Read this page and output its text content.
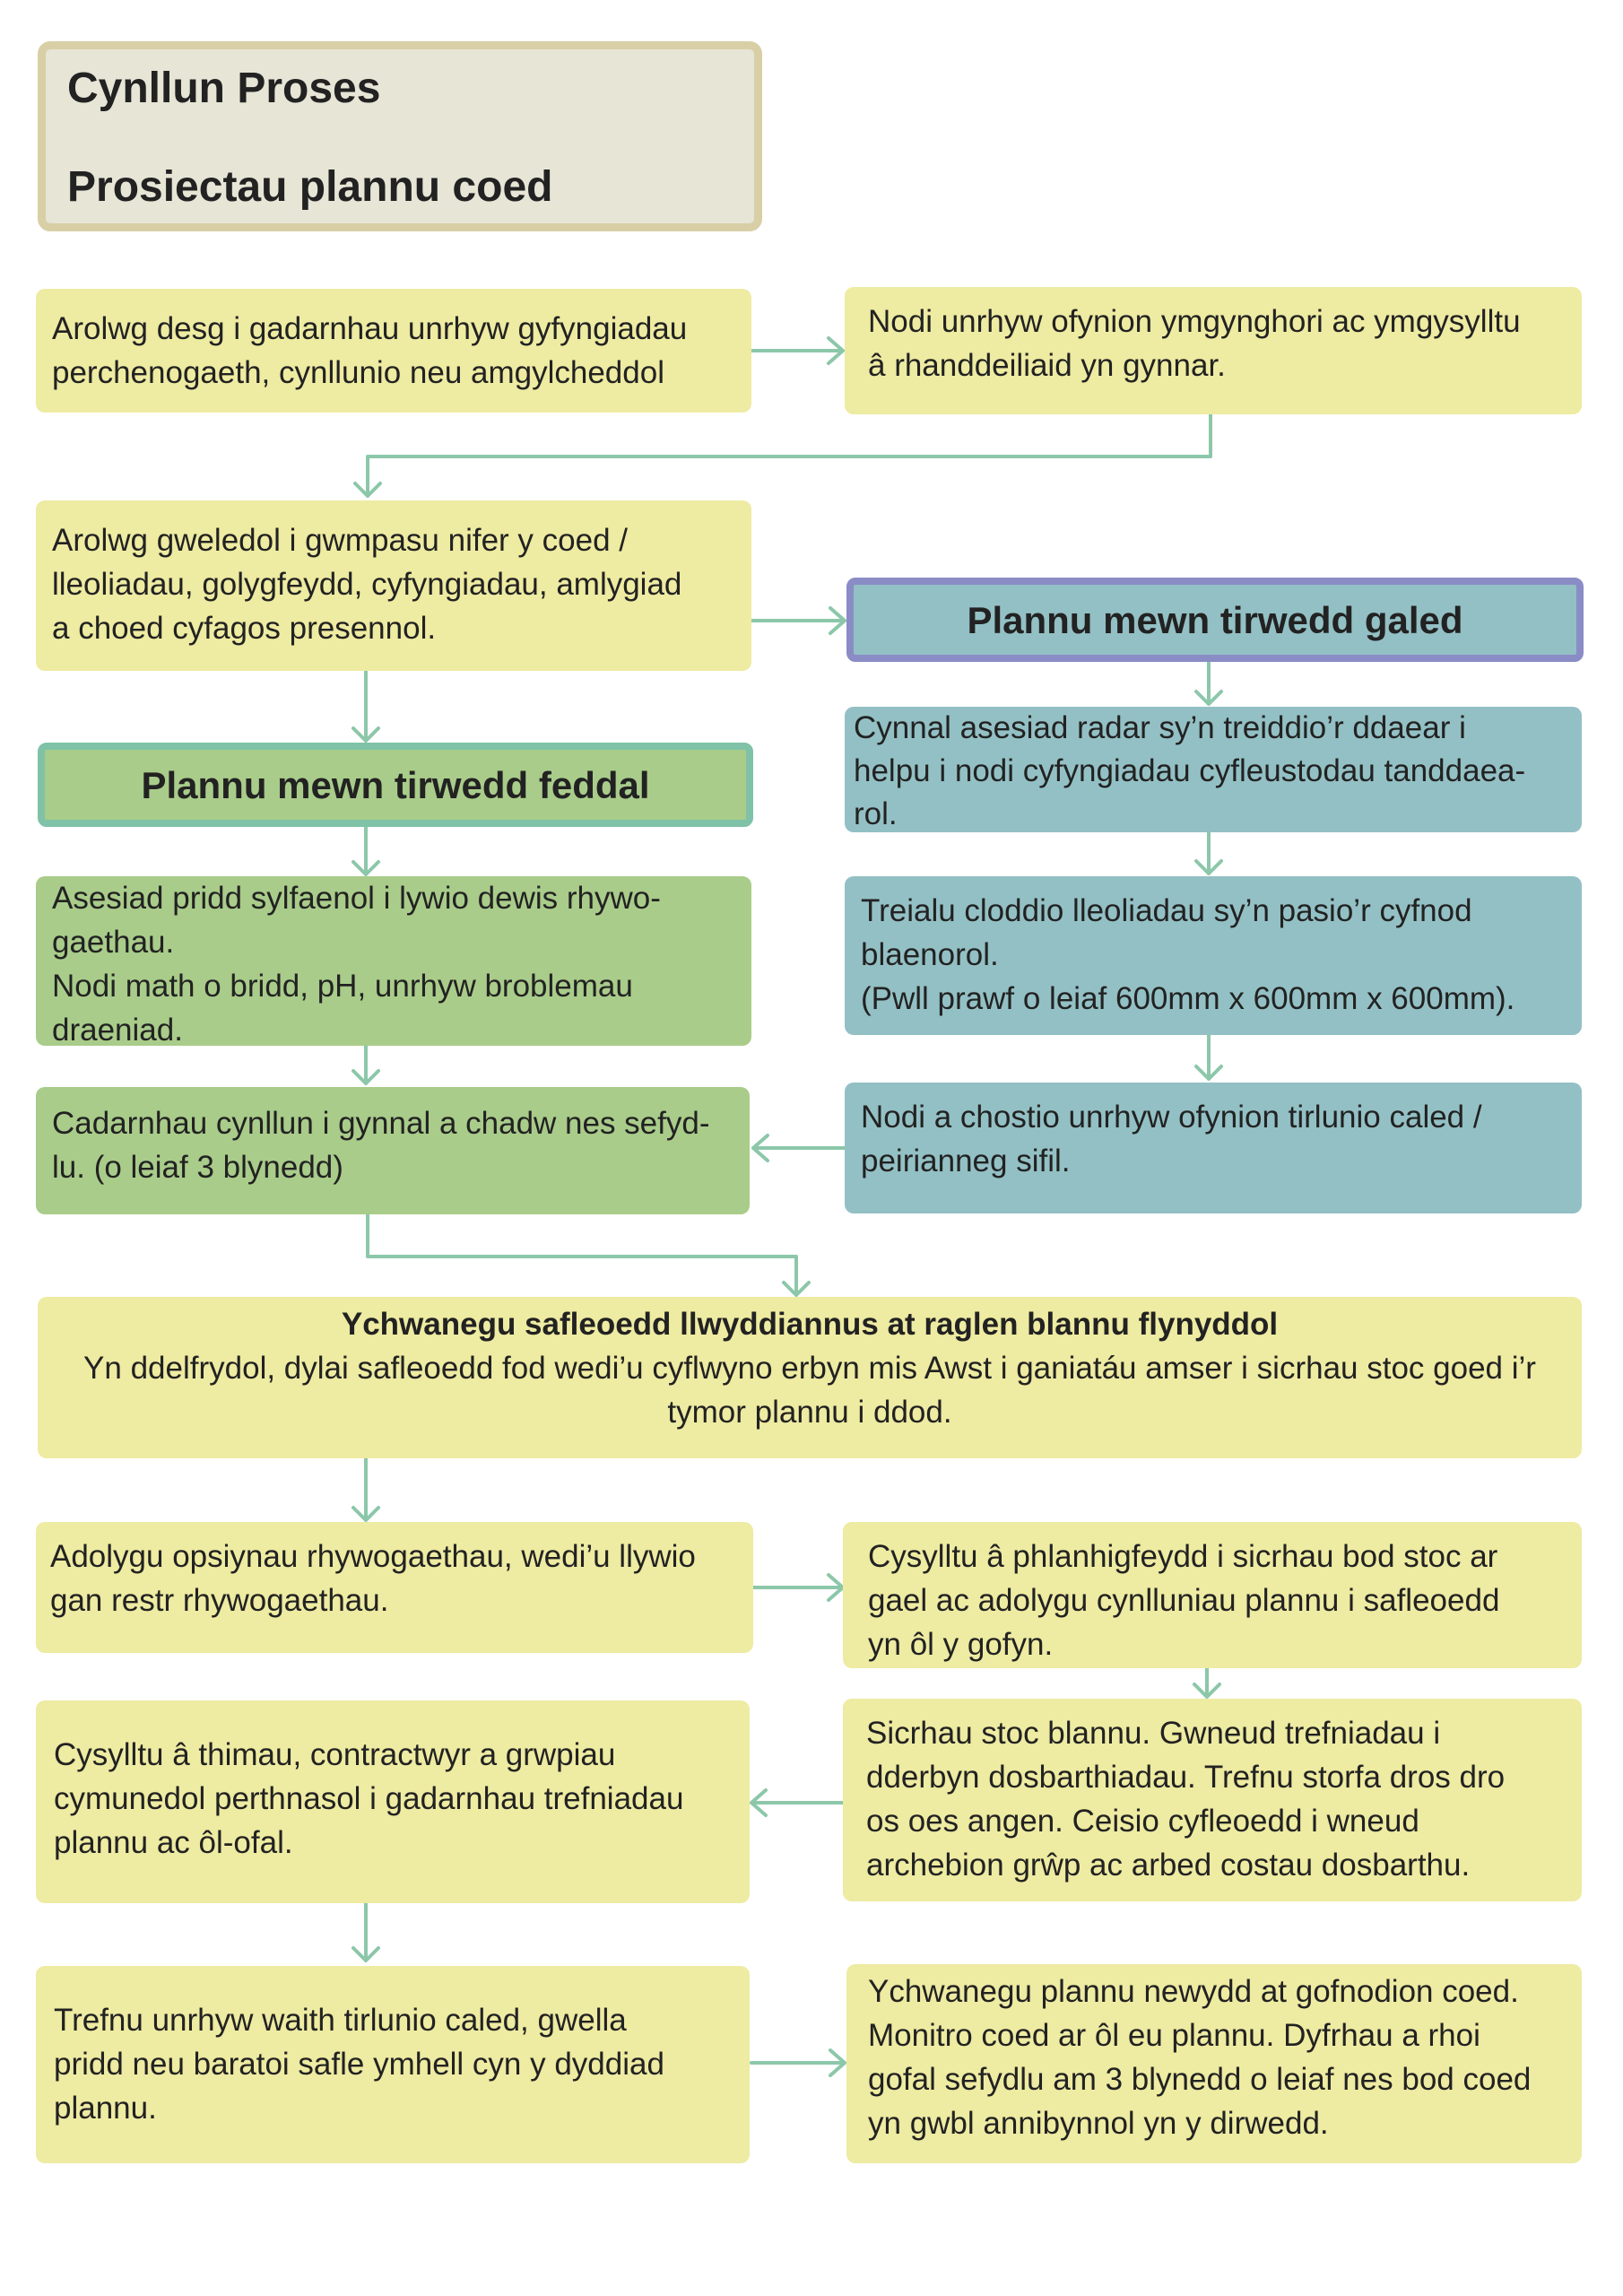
Cynllun Proses
Prosiectau plannu coed
Arolwg desg i gadarnhau unrhyw gyfyngiadau
perchenogaeth, cynllunio neu amgylcheddol
Nodi unrhyw ofynion ymgynghori ac ymgysylltu
â rhanddeiliaid yn gynnar.
Arolwg gweledol i gwmpasu nifer y coed /
lleoliadau, golygfeydd, cyfyngiadau, amlygiad
a choed cyfagos presennol.	Plannu mewn tirwedd galed
Plannu mewn tirwedd feddal
Cynnal asesiad radar sy’n treiddio’r ddaear i
helpu i nodi cyfyngiadau cyfleustodau tanddaea-
rol.
Asesiad pridd sylfaenol i lywio dewis rhywo-
gaethau.
Nodi math o bridd, pH, unrhyw broblemau
draeniad.
Treialu cloddio lleoliadau sy’n pasio’r cyfnod
blaenorol.
(Pwll prawf o leiaf 600mm x 600mm x 600mm).
Cadarnhau cynllun i gynnal a chadw nes sefyd-
lu. (o leiaf 3 blynedd)
Nodi a chostio unrhyw ofynion tirlunio caled /
peirianneg sifil.
Ychwanegu safleoedd llwyddiannus at raglen blannu flynyddol
Yn ddelfrydol, dylai safleoedd fod wedi’u cyflwyno erbyn mis Awst i ganiatáu amser i sicrhau stoc goed i’r
tymor plannu i ddod.
Adolygu opsiynau rhywogaethau, wedi’u llywio
gan restr rhywogaethau.
Cysylltu â phlanhigfeydd i sicrhau bod stoc ar
gael ac adolygu cynlluniau plannu i safleoedd
yn ôl y gofyn.
Cysylltu â thimau, contractwyr a grwpiau
cymunedol perthnasol i gadarnhau trefniadau
plannu ac ôl-ofal.
Sicrhau stoc blannu. Gwneud trefniadau i
dderbyn dosbarthiadau. Trefnu storfa dros dro
os oes angen. Ceisio cyfleoedd i wneud
archebion grŵp ac arbed costau dosbarthu.
Trefnu unrhyw waith tirlunio caled, gwella
pridd neu baratoi safle ymhell cyn y dyddiad
plannu.
Ychwanegu plannu newydd at gofnodion coed.
Monitro coed ar ôl eu plannu. Dyfrhau a rhoi
gofal sefydlu am 3 blynedd o leiaf nes bod coed
yn gwbl annibynnol yn y dirwedd.
